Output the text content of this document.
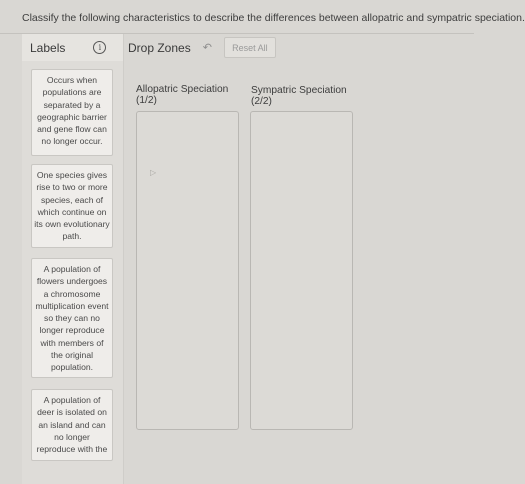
Classify the following characteristics to describe the differences between allopatric and sympatric speciation.
Labels	i	Drop Zones ↶	Reset All
Occurs when populations are separated by a geographic barrier and gene flow can no longer occur.
One species gives rise to two or more species, each of which continue on its own evolutionary path.
A population of flowers undergoes a chromosome multiplication event so they can no longer reproduce with members of the original population.
A population of deer is isolated on an island and can no longer reproduce with the
Allopatric Speciation
(1/2)
Sympatric Speciation
(2/2)
▷
